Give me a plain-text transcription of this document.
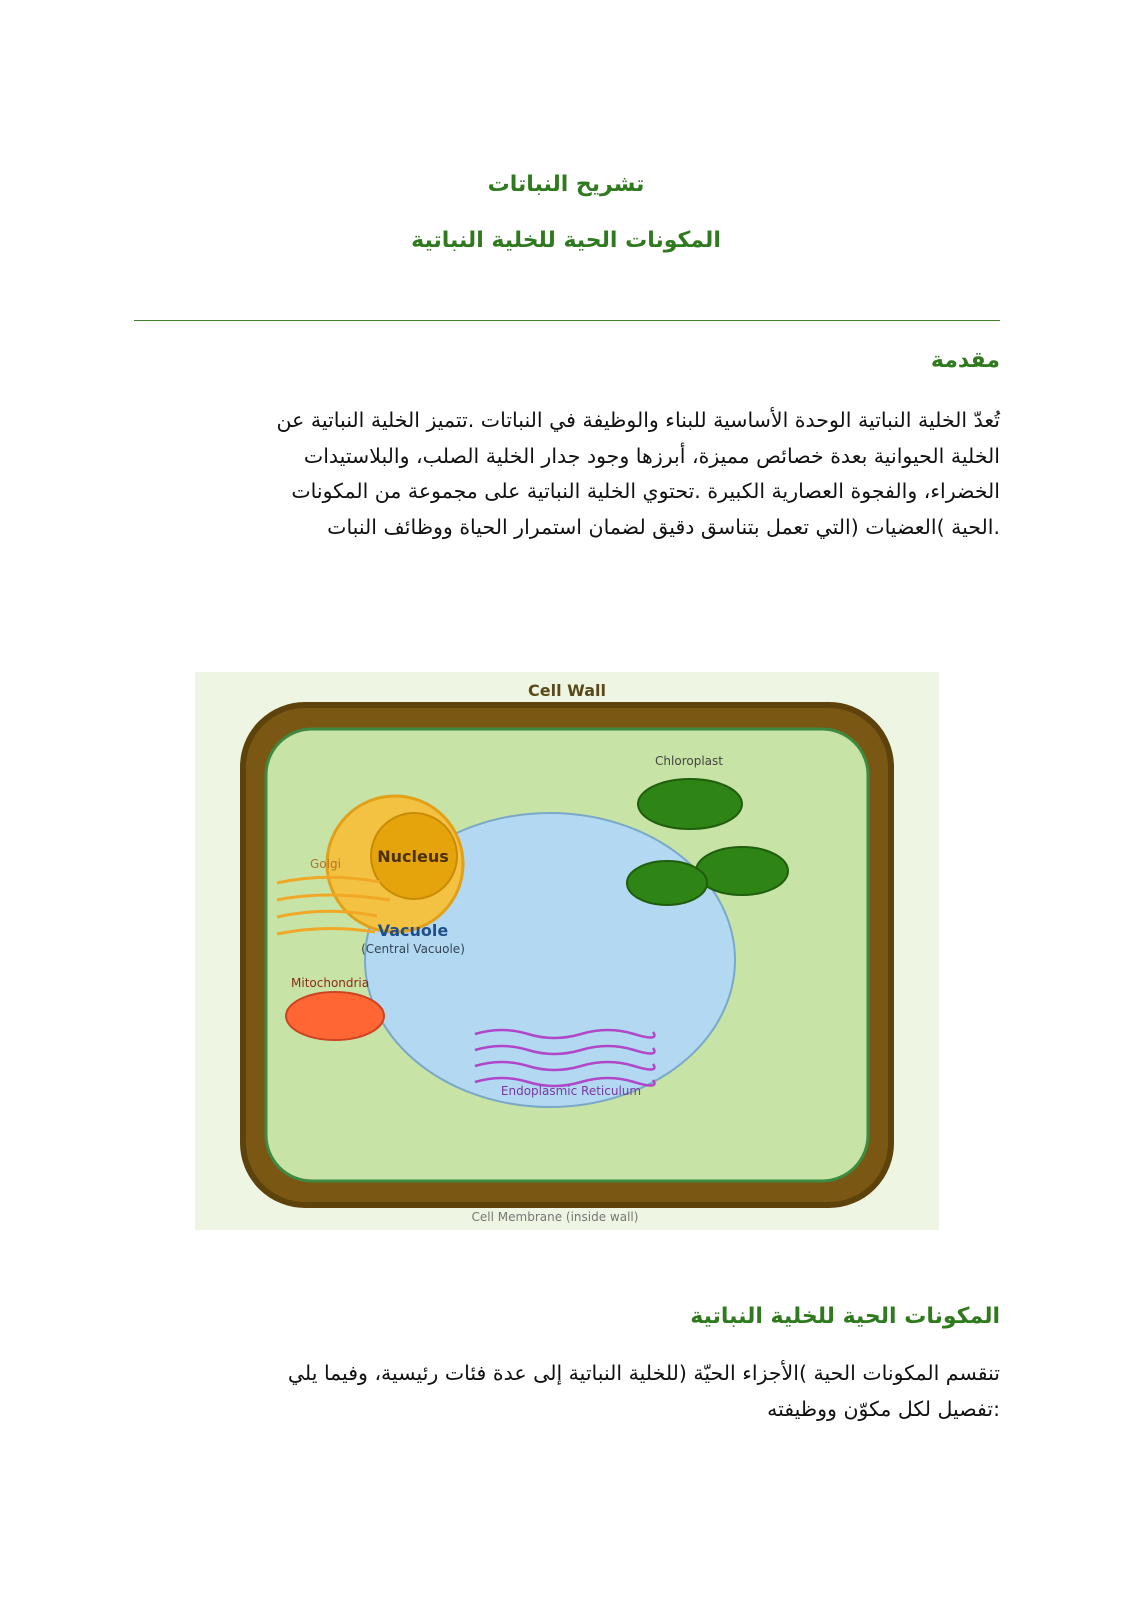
تشريح النباتات
المكونات الحية للخلية النباتية
مقدمة
تُعدّ الخلية النباتية الوحدة الأساسية للبناء والوظيفة في النباتات .تتميز الخلية النباتية عن
الخلية الحيوانية بعدة خصائص مميزة، أبرزها وجود جدار الخلية الصلب، والبلاستيدات
الخضراء، والفجوة العصارية الكبيرة .تحتوي الخلية النباتية على مجموعة من المكونات
.الحية )العضيات (التي تعمل بتناسق دقيق لضمان استمرار الحياة ووظائف النبات
Cell Wall
Nucleus
Vacuole
(Central Vacuole)
Golgi
Mitochondria
Chloroplast
Endoplasmic Reticulum
Cell Membrane (inside wall)
المكونات الحية للخلية النباتية
تنقسم المكونات الحية )الأجزاء الحيّة (للخلية النباتية إلى عدة فئات رئيسية، وفيما يلي
:تفصيل لكل مكوّن ووظيفته
